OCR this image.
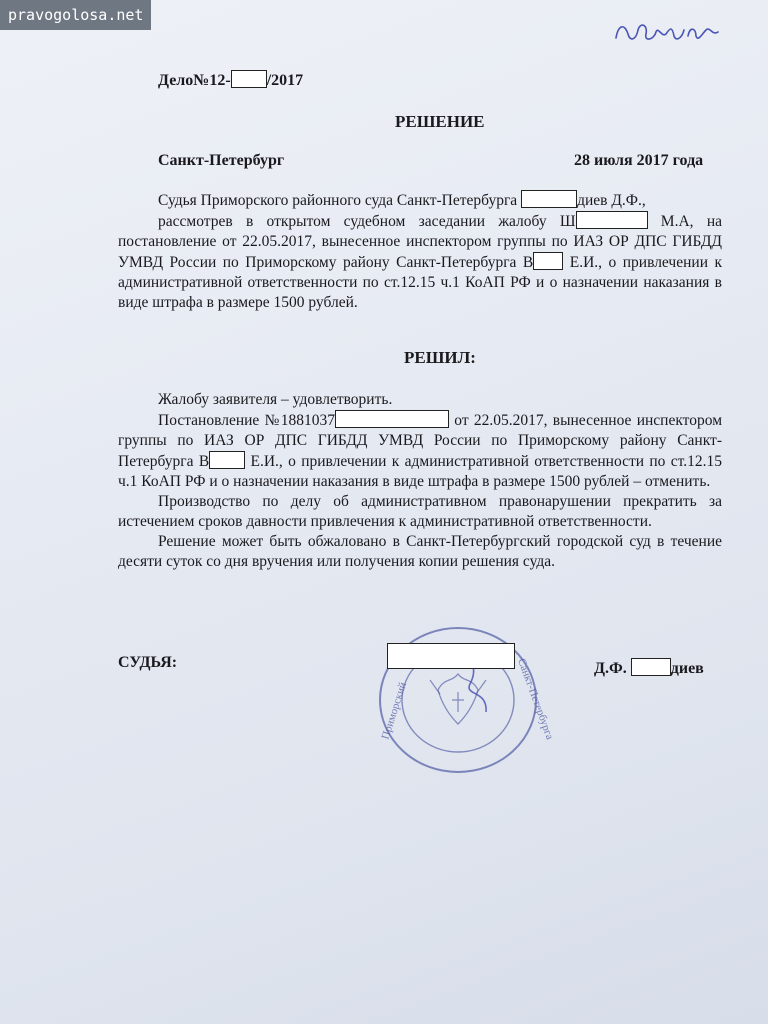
pravogolosa.net
Дело№12- /2017
РЕШЕНИЕ
Санкт-Петербург	28 июля 2017 года
Судья Приморского районного суда Санкт-Петербурга	диев Д.Ф.,
рассмотрев в открытом судебном заседании жалобу Ш	М.А, на постановление от 22.05.2017, вынесенное инспектором группы по ИАЗ ОР ДПС ГИБДД УМВД России по Приморскому району Санкт-Петербурга В Е.И., о привлечении к административной ответственности по ст.12.15 ч.1 КоАП РФ и о назначении наказания в виде штрафа в размере 1500 рублей.
РЕШИЛ:
Жалобу заявителя – удовлетворить.
Постановление №1881037	от 22.05.2017, вынесенное инспектором группы по ИАЗ ОР ДПС ГИБДД УМВД России по Приморскому району Санкт-Петербурга В Е.И., о привлечении к административной ответственности по ст.12.15 ч.1 КоАП РФ и о назначении наказания в виде штрафа в размере 1500 рублей – отменить.
Производство по делу об административном правонарушении прекратить за истечением сроков давности привлечения к административной ответственности.
Решение может быть обжаловано в Санкт-Петербургский городской суд в течение десяти суток со дня вручения или получения копии решения суда.
Приморский	Санкт-Петербурга
СУДЬЯ:	Д.Ф.	диев
